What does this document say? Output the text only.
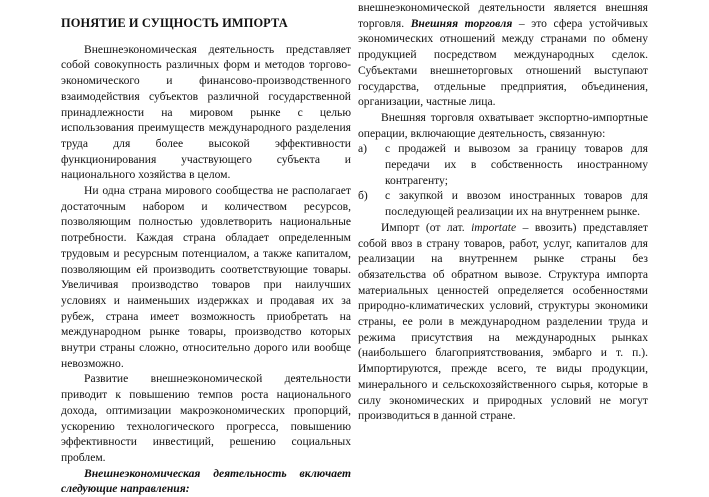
ПОНЯТИЕ И СУЩНОСТЬ ИМПОРТА

Внешнеэкономическая деятельность представляет собой совокупность различных форм и методов торгово-экономического и финансово-производственного взаимодействия субъектов различной государственной принадлежности на мировом рынке с целью использования преимуществ международного разделения труда для более высокой эффективности функционирования участвующего субъекта и национального хозяйства в целом.

Ни одна страна мирового сообщества не располагает достаточным набором и количеством ресурсов, позволяющим полностью удовлетворить национальные потребности. Каждая страна обладает определенным трудовым и ресурсным потенциалом, а также капиталом, позволяющим ей производить соответствующие товары. Увеличивая производство товаров при наилучших условиях и наименьших издержках и продавая их за рубеж, страна имеет возможность приобретать на международном рынке товары, производство которых внутри страны сложно, относительно дорого или вообще невозможно.

Развитие внешнеэкономической деятельности приводит к повышению темпов роста национального дохода, оптимизации макроэкономических пропорций, ускорению технологического прогресса, повышению эффективности инвестиций, решению социальных проблем.

Внешнеэкономическая деятельность включает следующие направления:

внешнеэкономической деятельности является внешняя торговля. Внешняя торговля – это сфера устойчивых экономических отношений между странами по обмену продукцией посредством международных сделок. Субъектами внешнеторговых отношений выступают государства, отдельные предприятия, объединения, организации, частные лица.

Внешняя торговля охватывает экспортно-импортные операции, включающие деятельность, связанную:

а) с продажей и вывозом за границу товаров для передачи их в собственность иностранному контрагенту;
б) с закупкой и ввозом иностранных товаров для последующей реализации их на внутреннем рынке.

Импорт (от лат. importate – ввозить) представляет собой ввоз в страну товаров, работ, услуг, капиталов для реализации на внутреннем рынке страны без обязательства об обратном вывозе. Структура импорта материальных ценностей определяется особенностями природно-климатических условий, структуры экономики страны, ее роли в международном разделении труда и режима присутствия на международных рынках (наибольшего благоприятствования, эмбарго и т. п.). Импортируются, прежде всего, те виды продукции, минерального и сельскохозяйственного сырья, которые в силу экономических и природных условий не могут производиться в данной стране.
